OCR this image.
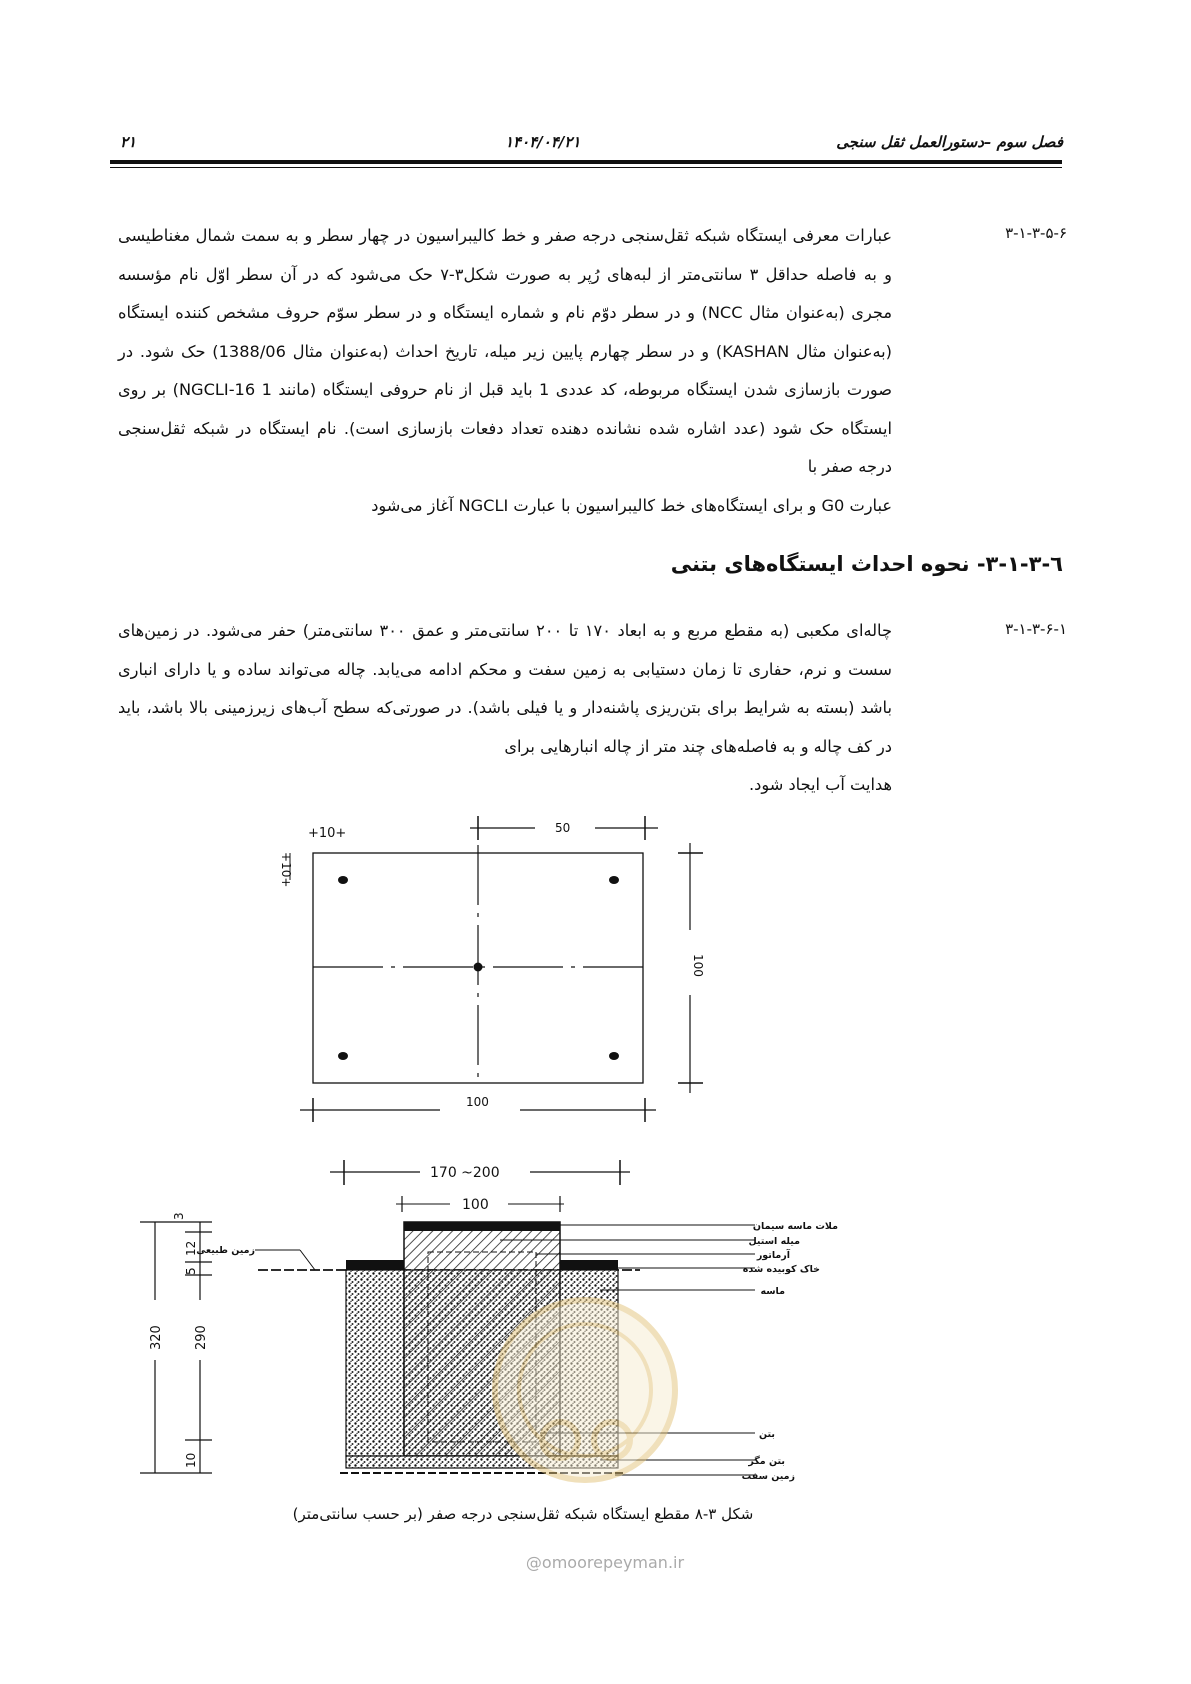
۲۱	۱۴۰۴/۰۴/۲۱	فصل سوم –دستورالعمل ثقل سنجی
۳-۱-۳-۵-۶

عبارات معرفی ایستگاه شبکه ثقل‌سنجی درجه صفر و خط کالیبراسیون در چهار سطر و به سمت شمال مغناطیسی و به فاصله حداقل ۳ سانتی‌متر از لبه‌های رُپر به صورت شکل۳-۷ حک می‌شود که در آن سطر اوّل نام مؤسسه مجری (به‌عنوان مثال NCC) و در سطر دوّم نام و شماره ایستگاه و در سطر سوّم حروف مشخص کننده ایستگاه (به‌عنوان مثال KASHAN) و در سطر چهارم پایین زیر میله، تاریخ احداث (به‌عنوان مثال 1388/06) حک شود. در صورت بازسازی شدن ایستگاه مربوطه، کد عددی 1 باید قبل از نام حروفی ایستگاه (مانند 1 NGCLI-16) بر روی ایستگاه حک شود (عدد اشاره شده نشانده دهنده تعداد دفعات بازسازی است). نام ایستگاه در شبکه ثقل‌سنجی درجه صفر با
عبارت G0 و برای ایستگاه‌های خط کالیبراسیون با عبارت NGCLI آغاز می‌شود

٦-٣-١-٣- نحوه احداث ایستگاه‌های بتنی
۳-۱-۳-۶-۱

چاله‌ای مکعبی (به مقطع مربع و به ابعاد ۱۷۰ تا ۲۰۰ سانتی‌متر و عمق ۳۰۰ سانتی‌متر) حفر می‌شود. در زمین‌های سست و نرم، حفاری تا زمان دستیابی به زمین سفت و محکم ادامه می‌یابد. چاله می‌تواند ساده و یا دارای انباری باشد (بسته به شرایط برای بتن‌ریزی پاشنه‌دار و یا فیلی باشد). در صورتی‌که سطح آب‌های زیرزمینی بالا باشد، باید در کف چاله و به فاصله‌های چند متر از چاله انبارهایی برای
هدایت آب ایجاد شود.

+10+
+10+
50
100
100
170 ~200
100
3
12
5
320 290
10
زمین طبیعی
ملات ماسه سیمان
میله استیل
آرماتور
خاک کوبیده شده
ماسه
بتن
بتن مگر
زمین سفت
شکل ۳-۸ مقطع ایستگاه شبکه ثقل‌سنجی درجه صفر (بر حسب سانتی‌متر)
@omoorepeyman.ir
